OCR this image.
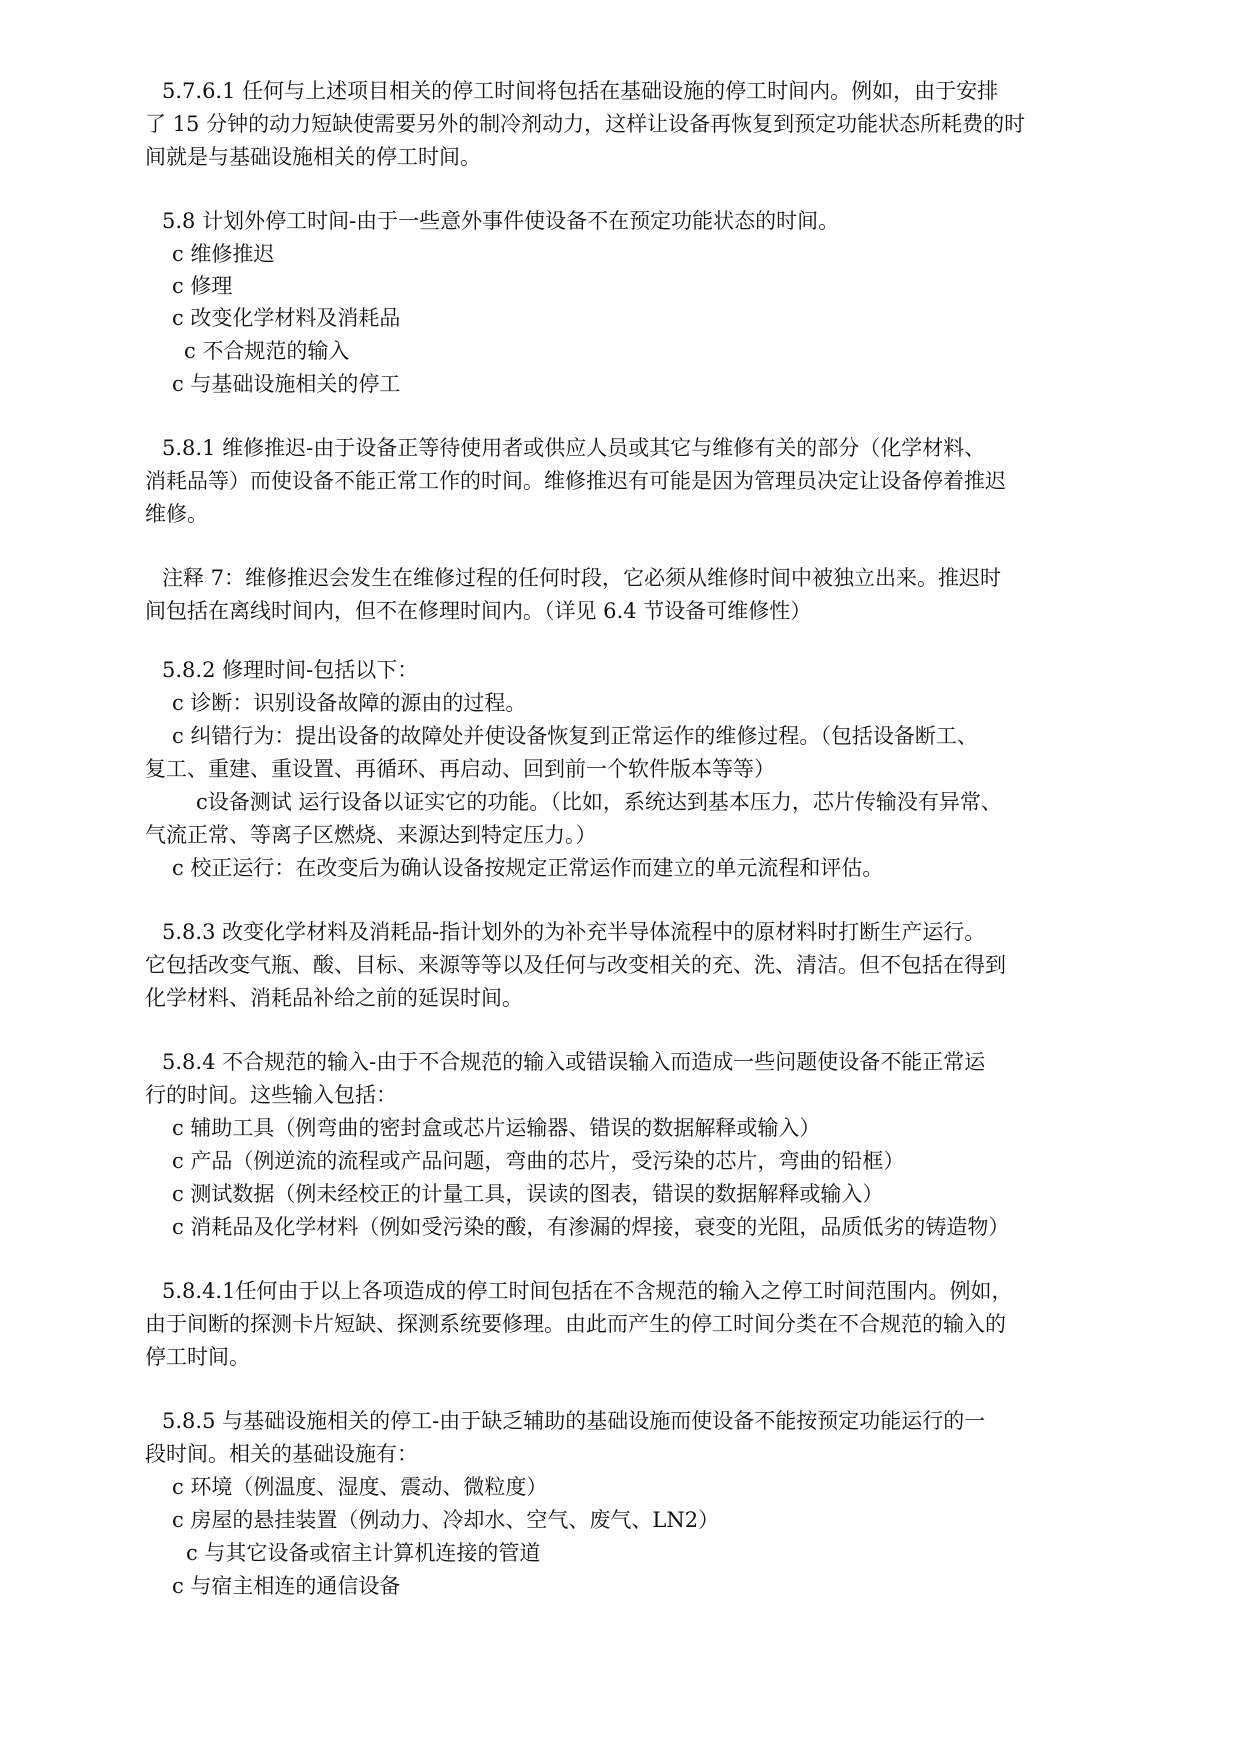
5.7.6.1 任何与上述项目相关的停工时间将包括在基础设施的停工时间内。例如，由于安排

了 15 分钟的动力短缺使需要另外的制冷剂动力，这样让设备再恢复到预定功能状态所耗费的时

间就是与基础设施相关的停工时间。

5.8 计划外停工时间-由于一些意外事件使设备不在预定功能状态的时间。

c 维修推迟

c 修理

c 改变化学材料及消耗品

c 不合规范的输入

c 与基础设施相关的停工

5.8.1 维修推迟-由于设备正等待使用者或供应人员或其它与维修有关的部分（化学材料、

消耗品等）而使设备不能正常工作的时间。维修推迟有可能是因为管理员决定让设备停着推迟

维修。

注释 7：维修推迟会发生在维修过程的任何时段，它必须从维修时间中被独立出来。推迟时

间包括在离线时间内，但不在修理时间内。（详见 6.4 节设备可维修性）

5.8.2 修理时间-包括以下：

c 诊断：识别设备故障的源由的过程。

c 纠错行为：提出设备的故障处并使设备恢复到正常运作的维修过程。（包括设备断工、

复工、重建、重设置、再循环、再启动、回到前一个软件版本等等）

c设备测试 运行设备以证实它的功能。（比如，系统达到基本压力，芯片传输没有异常、

气流正常、等离子区燃烧、来源达到特定压力。）

c 校正运行：在改变后为确认设备按规定正常运作而建立的单元流程和评估。

5.8.3 改变化学材料及消耗品-指计划外的为补充半导体流程中的原材料时打断生产运行。

它包括改变气瓶、酸、目标、来源等等以及任何与改变相关的充、洗、清洁。但不包括在得到

化学材料、消耗品补给之前的延误时间。

5.8.4 不合规范的输入-由于不合规范的输入或错误输入而造成一些问题使设备不能正常运

行的时间。这些输入包括：

c 辅助工具（例弯曲的密封盒或芯片运输器、错误的数据解释或输入）

c 产品（例逆流的流程或产品问题，弯曲的芯片，受污染的芯片，弯曲的铅框）

c 测试数据（例未经校正的计量工具，误读的图表，错误的数据解释或输入）

c 消耗品及化学材料（例如受污染的酸，有渗漏的焊接，衰变的光阻，品质低劣的铸造物）

5.8.4.1任何由于以上各项造成的停工时间包括在不含规范的输入之停工时间范围内。例如，

由于间断的探测卡片短缺、探测系统要修理。由此而产生的停工时间分类在不合规范的输入的

停工时间。

5.8.5 与基础设施相关的停工-由于缺乏辅助的基础设施而使设备不能按预定功能运行的一

段时间。相关的基础设施有：

c 环境（例温度、湿度、震动、微粒度）

c 房屋的悬挂装置（例动力、冷却水、空气、废气、LN2）

c 与其它设备或宿主计算机连接的管道

c 与宿主相连的通信设备
